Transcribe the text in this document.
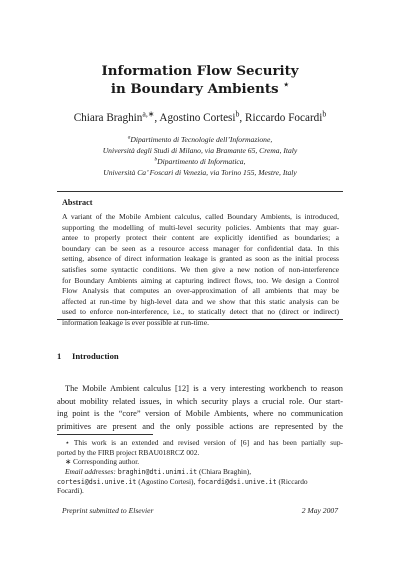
Information Flow Security
in Boundary Ambients ⋆
Chiara Braghin$^{a,∗}$, Agostino Cortesi$^b$, Riccardo Focardi$^b$
$^a$Dipartimento di Tecnologie dell’Informazione,
Università degli Studi di Milano, via Bramante 65, Crema, Italy
$^b$Dipartimento di Informatica,
Università Ca’ Foscari di Venezia, via Torino 155, Mestre, Italy
Abstract
A variant of the Mobile Ambient calculus, called Boundary Ambients, is introduced,
supporting the modelling of multi-level security policies. Ambients that may guar-
antee to properly protect their content are explicitly identified as boundaries; a
boundary can be seen as a resource access manager for confidential data. In this
setting, absence of direct information leakage is granted as soon as the initial process
satisfies some syntactic conditions. We then give a new notion of non-interference
for Boundary Ambients aiming at capturing indirect flows, too. We design a Control
Flow Analysis that computes an over-approximation of all ambients that may be
affected at run-time by high-level data and we show that this static analysis can be
used to enforce non-interference, i.e., to statically detect that no (direct or indirect)
information leakage is ever possible at run-time.
1 Introduction
The Mobile Ambient calculus [12] is a very interesting workbench to reason
about mobility related issues, in which security plays a crucial role. Our start-
ing point is the “core” version of Mobile Ambients, where no communication
primitives are present and the only possible actions are represented by the
⋆ This work is an extended and revised version of [6] and has been partially sup-
ported by the FIRB project RBAU018RCZ 002.
∗ Corresponding author.
Email addresses: braghin@dti.unimi.it (Chiara Braghin),
cortesi@dsi.unive.it (Agostino Cortesi), focardi@dsi.unive.it (Riccardo
Focardi).
Preprint submitted to Elsevier	2 May 2007
